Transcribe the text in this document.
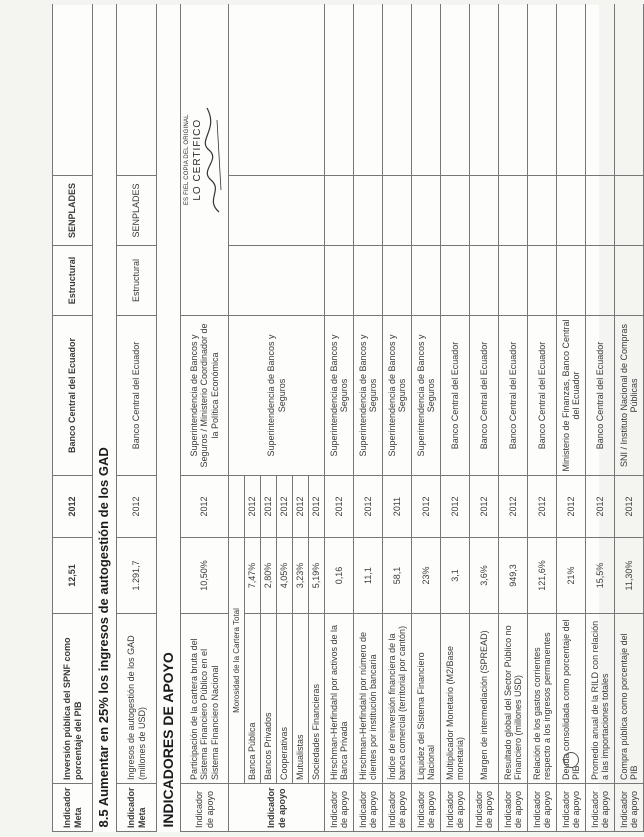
Indicador Meta	Inversión pública del SPNF como porcentaje del PIB	12,51	2012	Banco Central del Ecuador	Estructural	SENPLADES	
8.5 Aumentar en 25% los ingresos de autogestión de los GAD							
Indicador Meta	Ingresos de autogestión de los GAD (millones de USD)	1.291,7	2012	Banco Central del Ecuador	Estructural	SENPLADES	
INDICADORES DE APOYO							
Indicador de apoyo	Participación de la cartera bruta del Sistema Financiero Público en el Sistema Financiero Nacional	10,50%	2012	Superintendencia de Bancos y Seguros / Ministerio Coordinador de la Política Económica	ES FIEL COPIA DEL ORIGINAL LO CERTIFICO		

Indicador de apoyo	Morosidad de la Cartera Total			Superintendencia de Bancos y Seguros			
	Banca Pública	7,47%	2012				
	Bancos Privados	2,80%	2012				
	Cooperativas	4,05%	2012				
	Mutualistas	3,23%	2012				
	Sociedades Financieras	5,19%	2012				
Indicador de apoyo	Hirschman-Herfindahl por activos de la Banca Privada	0,16	2012	Superintendencia de Bancos y Seguros			
Indicador de apoyo	Hirschman-Herfindahl por número de clientes por institución bancaria	11,1	2012	Superintendencia de Bancos y Seguros			
Indicador de apoyo	Índice de reinversión financiera de la banca comercial (territorial por cantón)	58,1	2011	Superintendencia de Bancos y Seguros			
Indicador de apoyo	Liquidez del Sistema Financiero Nacional	23%	2012	Superintendencia de Bancos y Seguros			
Indicador de apoyo	Multiplicador Monetario (M2/Base monetaria)	3,1	2012	Banco Central del Ecuador			
Indicador de apoyo	Margen de intermediación (SPREAD)	3,6%	2012	Banco Central del Ecuador			
Indicador de apoyo	Resultado global del Sector Público no Financiero (millones USD)	949,3	2012	Banco Central del Ecuador			
Indicador de apoyo	Relación de los gastos corrientes respecto a los ingresos permanentes	121,6%	2012	Banco Central del Ecuador			
Indicador de apoyo	Deuda consolidada como porcentaje del PIB	21%	2012	Ministerio de Finanzas, Banco Central del Ecuador			
Indicador de apoyo	Promedio anual de la RILD con relación a las importaciones totales	15,5%	2012	Banco Central del Ecuador			
Indicador de apoyo	Compra pública como porcentaje del PIB	11,30%	2012	SNI / Instituto Nacional de Compras Públicas			
